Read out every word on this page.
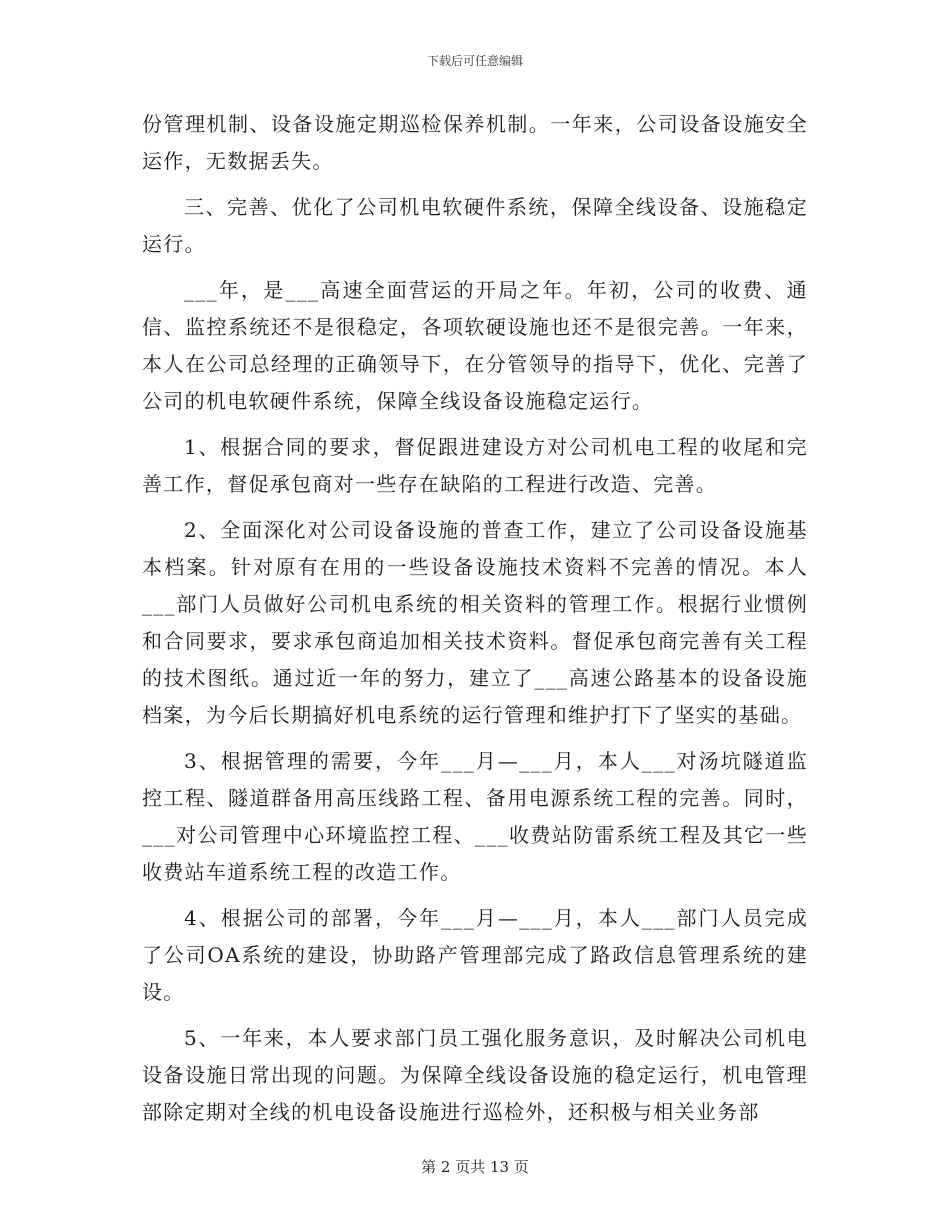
下载后可任意编辑

份管理机制、设备设施定期巡检保养机制。一年来，公司设备设施安全运作，无数据丢失。

三、完善、优化了公司机电软硬件系统，保障全线设备、设施稳定运行。

___年，是___高速全面营运的开局之年。年初，公司的收费、通信、监控系统还不是很稳定，各项软硬设施也还不是很完善。一年来，本人在公司总经理的正确领导下，在分管领导的指导下，优化、完善了公司的机电软硬件系统，保障全线设备设施稳定运行。

1、根据合同的要求，督促跟进建设方对公司机电工程的收尾和完善工作，督促承包商对一些存在缺陷的工程进行改造、完善。

2、全面深化对公司设备设施的普查工作，建立了公司设备设施基本档案。针对原有在用的一些设备设施技术资料不完善的情况。本人___部门人员做好公司机电系统的相关资料的管理工作。根据行业惯例和合同要求，要求承包商追加相关技术资料。督促承包商完善有关工程的技术图纸。通过近一年的努力，建立了___高速公路基本的设备设施档案，为今后长期搞好机电系统的运行管理和维护打下了坚实的基础。

3、根据管理的需要，今年___月—___月，本人___对汤坑隧道监控工程、隧道群备用高压线路工程、备用电源系统工程的完善。同时，___对公司管理中心环境监控工程、___收费站防雷系统工程及其它一些收费站车道系统工程的改造工作。

4、根据公司的部署，今年___月—___月，本人___部门人员完成了公司OA系统的建设，协助路产管理部完成了路政信息管理系统的建设。

5、一年来，本人要求部门员工强化服务意识，及时解决公司机电设备设施日常出现的问题。为保障全线设备设施的稳定运行，机电管理部除定期对全线的机电设备设施进行巡检外，还积极与相关业务部

第 2 页共 13 页
